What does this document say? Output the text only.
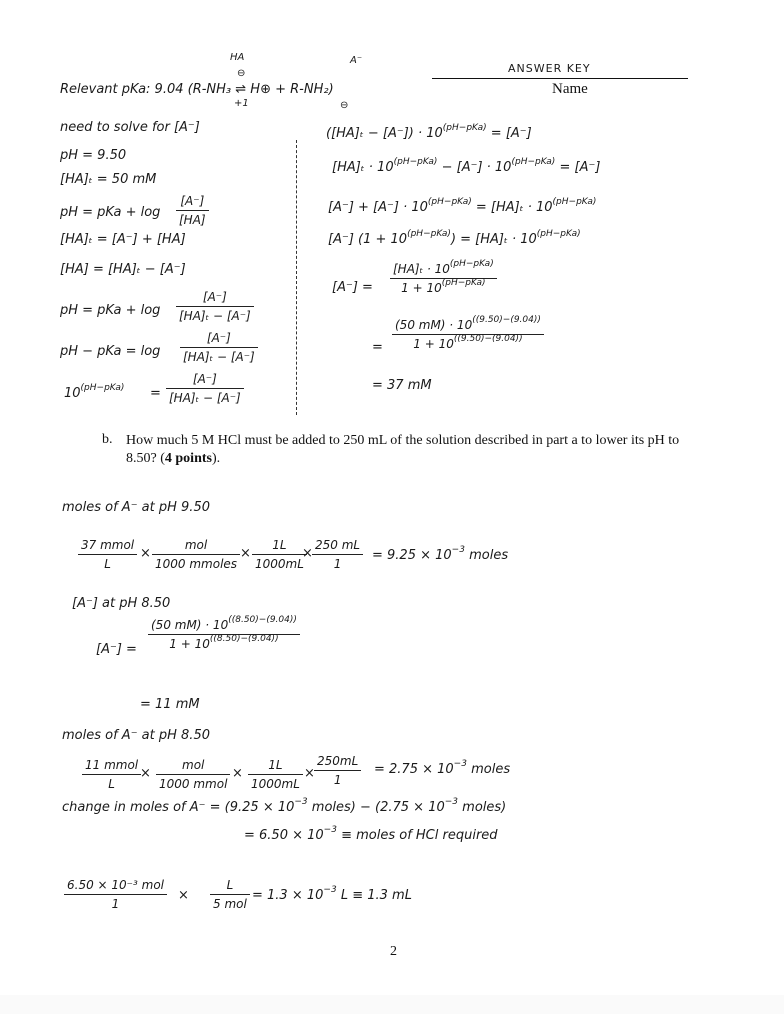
ANSWER KEY
Name
HA	A⁻
⊖
+1	⊖
Relevant pKa: 9.04 (R-NH₃ ⇌ H⊕ + R-NH₂)
need to solve for [A⁻]
pH = 9.50
[HA]ₜ = 50 mM
pH = pKa + log
[A⁻]
[HA]
[HA]ₜ = [A⁻] + [HA]
[HA] = [HA]ₜ − [A⁻]
pH = pKa + log
[A⁻]
[HA]ₜ − [A⁻]
pH − pKa = log
[A⁻]
[HA]ₜ − [A⁻]
$10^{(pH-pKa)}$ =
[A⁻]
[HA]ₜ − [A⁻]
$([HA]_t - [A^-]) \cdot 10^{(pH-pKa)} = [A^-]$
$[HA]_t \cdot 10^{(pH-pKa)} - [A^-] \cdot 10^{(pH-pKa)} = [A^-]$
$[A^-] + [A^-] \cdot 10^{(pH-pKa)} = [HA]_t \cdot 10^{(pH-pKa)}$
[A⁻] $(1 + 10^{(pH-pKa)}) = [HA]_t \cdot 10^{(pH-pKa)}$
[A⁻] =
$[HA]_t \cdot 10^{(pH-pKa)}$
$1 + 10^{(pH-pKa)}$
=
(50 $mM) \cdot 10^{((9.50)-(9.04))}$
$1 + 10^{((9.50)-(9.04))}$
= 37 mM
b. How much 5 M HCl must be added to 250 mL of the solution described in part a to lower its pH to 8.50? (4 points).
moles of A⁻ at pH 9.50
37 mmol
L
×
mol
1000 mmoles
×
1L
1000mL
×
250 mL
1
= $9.25 \times 10^{-3}$ moles
[A⁻] at pH 8.50
[A⁻] =
(50 $mM) \cdot 10^{((8.50)-(9.04))}$
$1 + 10^{((8.50)-(9.04))}$
= 11 mM
moles of A⁻ at pH 8.50
11 mmol
L
×
mol
1000 mmol
×
1L
1000mL
×
250mL
1
= $2.75 \times 10^{-3}$ moles
change in moles of $A^- = (9.25 \times 10^{-3}$ moles) − ($2.75 \times 10^{-3}$ moles)
= $6.50 \times 10^{-3}$ ≡ moles of HCl required
6.50 × 10⁻³ mol
1
×
L
5 mol
= $1.3 \times 10^{-3}$ L ≡ 1.3 mL
2
